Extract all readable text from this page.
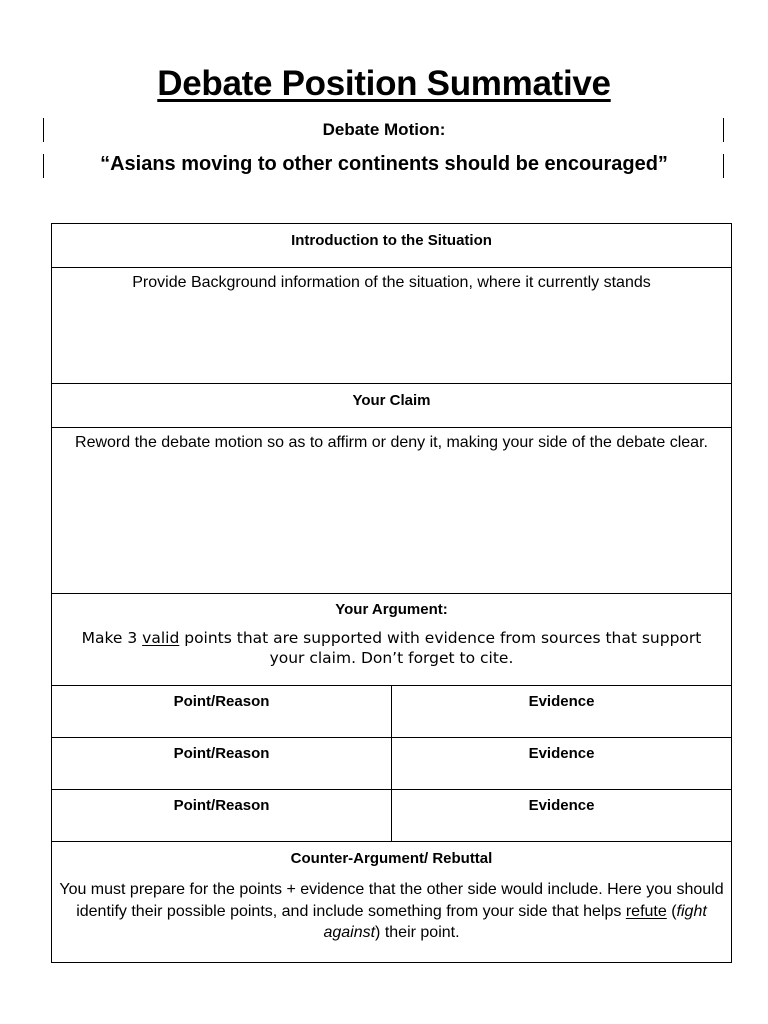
Debate Position Summative
Debate Motion:
“Asians moving to other continents should be encouraged”
Introduction to the Situation	

Provide Background information of the situation, where it currently stands	

Your Claim	

Reword the debate motion so as to affirm or deny it, making your side of the debate clear.	

Your Argument:
Make 3 valid points that are supported with evidence from sources that support your claim. Don’t forget to cite.	

Point/Reason	Evidence

Point/Reason	Evidence

Point/Reason	Evidence

Counter-Argument/ Rebuttal
You must prepare for the points + evidence that the other side would include. Here you should identify their possible points, and include something from your side that helps refute (fight against) their point.	
